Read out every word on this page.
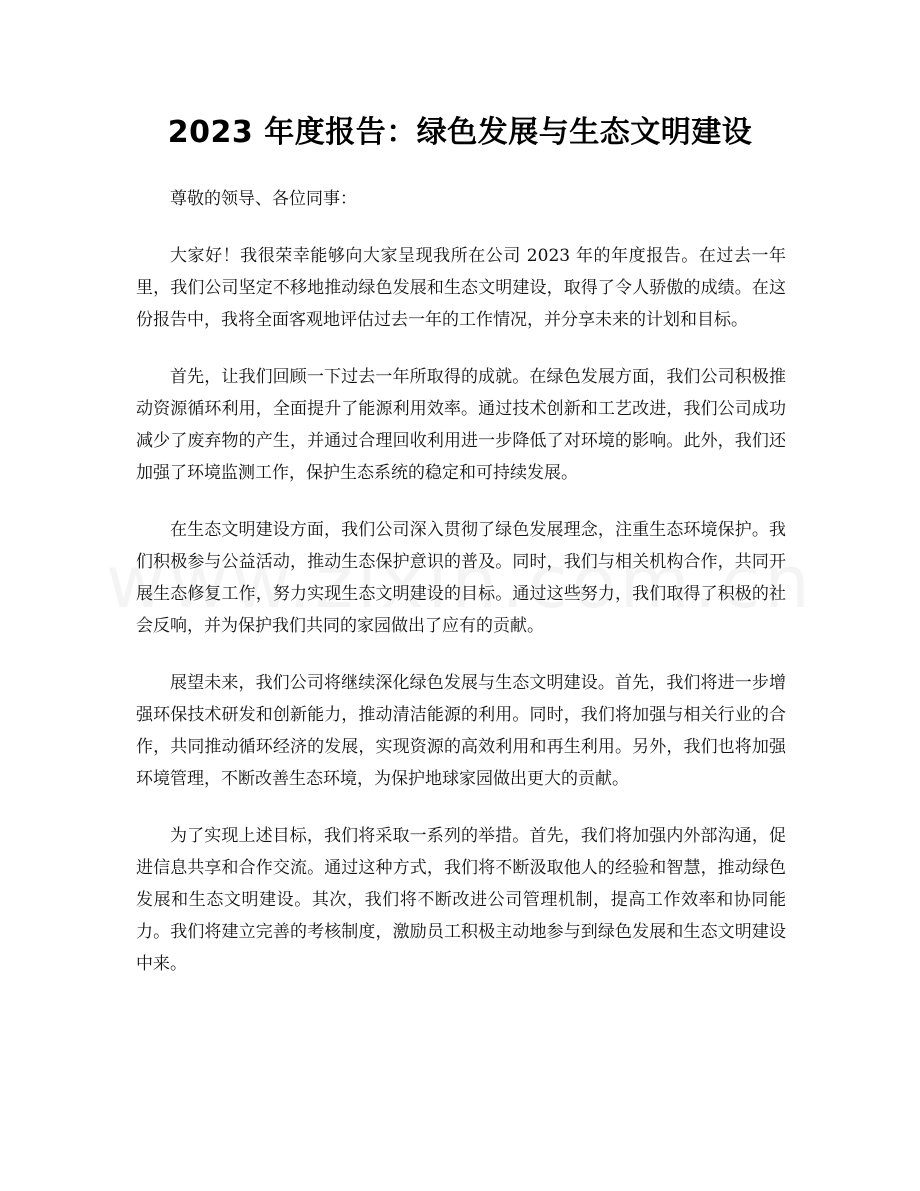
2023 年度报告：绿色发展与生态文明建设

尊敬的领导、各位同事：

大家好！我很荣幸能够向大家呈现我所在公司 2023 年的年度报告。在过去一年里，我们公司坚定不移地推动绿色发展和生态文明建设，取得了令人骄傲的成绩。在这份报告中，我将全面客观地评估过去一年的工作情况，并分享未来的计划和目标。

首先，让我们回顾一下过去一年所取得的成就。在绿色发展方面，我们公司积极推动资源循环利用，全面提升了能源利用效率。通过技术创新和工艺改进，我们公司成功减少了废弃物的产生，并通过合理回收利用进一步降低了对环境的影响。此外，我们还加强了环境监测工作，保护生态系统的稳定和可持续发展。

在生态文明建设方面，我们公司深入贯彻了绿色发展理念，注重生态环境保护。我们积极参与公益活动，推动生态保护意识的普及。同时，我们与相关机构合作，共同开展生态修复工作，努力实现生态文明建设的目标。通过这些努力，我们取得了积极的社会反响，并为保护我们共同的家园做出了应有的贡献。

展望未来，我们公司将继续深化绿色发展与生态文明建设。首先，我们将进一步增强环保技术研发和创新能力，推动清洁能源的利用。同时，我们将加强与相关行业的合作，共同推动循环经济的发展，实现资源的高效利用和再生利用。另外，我们也将加强环境管理，不断改善生态环境，为保护地球家园做出更大的贡献。

为了实现上述目标，我们将采取一系列的举措。首先，我们将加强内外部沟通，促进信息共享和合作交流。通过这种方式，我们将不断汲取他人的经验和智慧，推动绿色发展和生态文明建设。其次，我们将不断改进公司管理机制，提高工作效率和协同能力。我们将建立完善的考核制度，激励员工积极主动地参与到绿色发展和生态文明建设中来。
